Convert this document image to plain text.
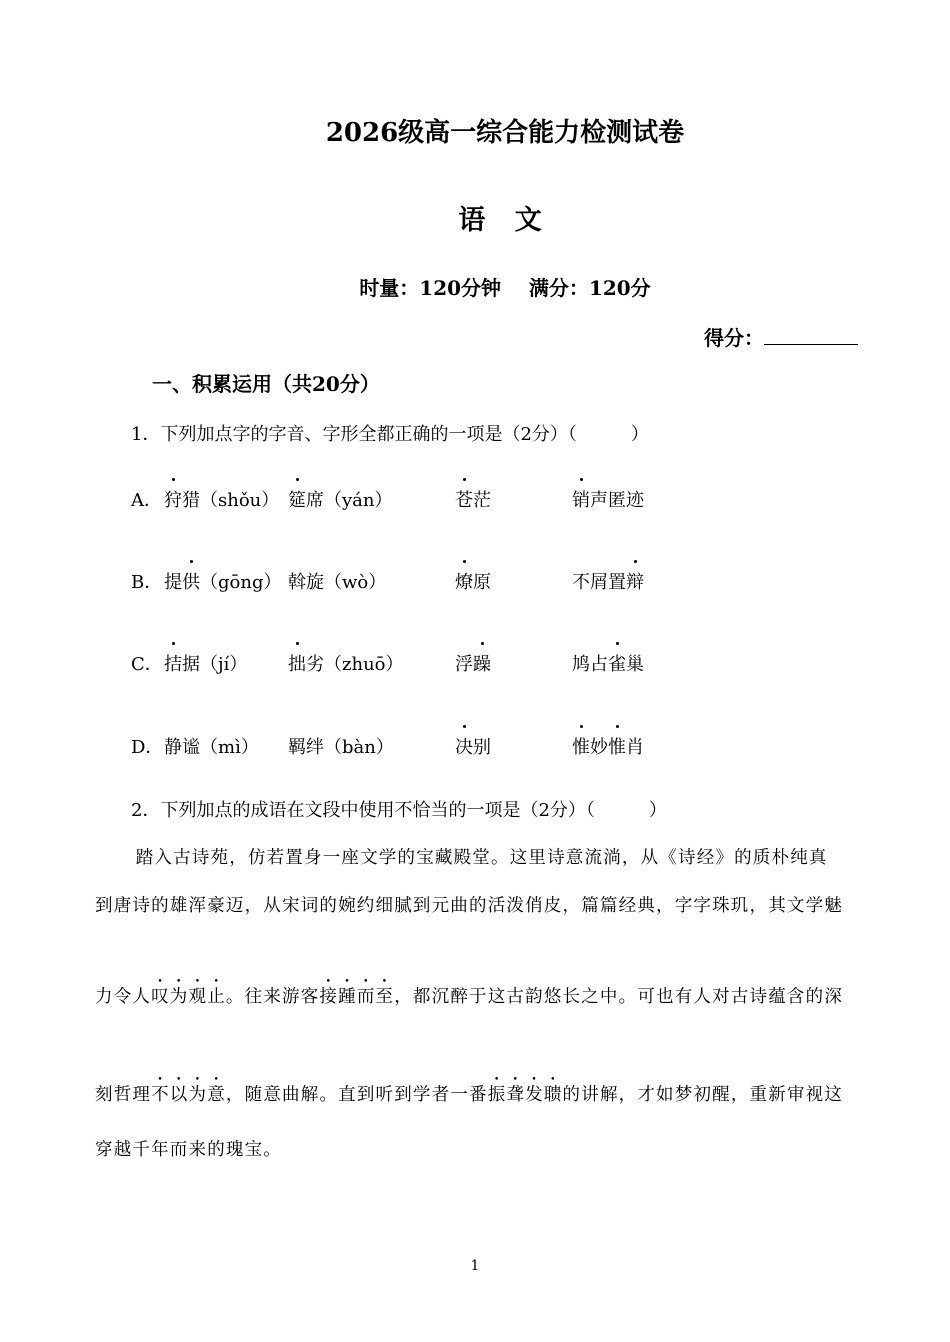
2026级高一综合能力检测试卷
语 文
时量：120分钟    满分：120分
得分：
一、积累运用（共20分）
1．下列加点字的字音、字形全都正确的一项是（2分）（　　　）
A． 狩猎（shǒu） 筵席（yán）	苍茫	销声匿迹
B． 提供（gōng） 斡旋（wò）	燎原	不屑置辩
C． 拮据（jí） 拙劣（zhuō）	浮躁	鸠占雀巢
D． 静谧（mì） 羁绊（bàn）	决别	惟妙惟肖
2．下列加点的成语在文段中使用不恰当的一项是（2分）（　　　）
　踏入古诗苑，仿若置身一座文学的宝藏殿堂。这里诗意流淌，从《诗经》的质朴纯真
到唐诗的雄浑豪迈，从宋词的婉约细腻到元曲的活泼俏皮，篇篇经典，字字珠玑，其文学魅
力令人叹为观止。往来游客接踵而至，都沉醉于这古韵悠长之中。可也有人对古诗蕴含的深
刻哲理不以为意，随意曲解。直到听到学者一番振聋发聩的讲解，才如梦初醒，重新审视这
穿越千年而来的瑰宝。
1
